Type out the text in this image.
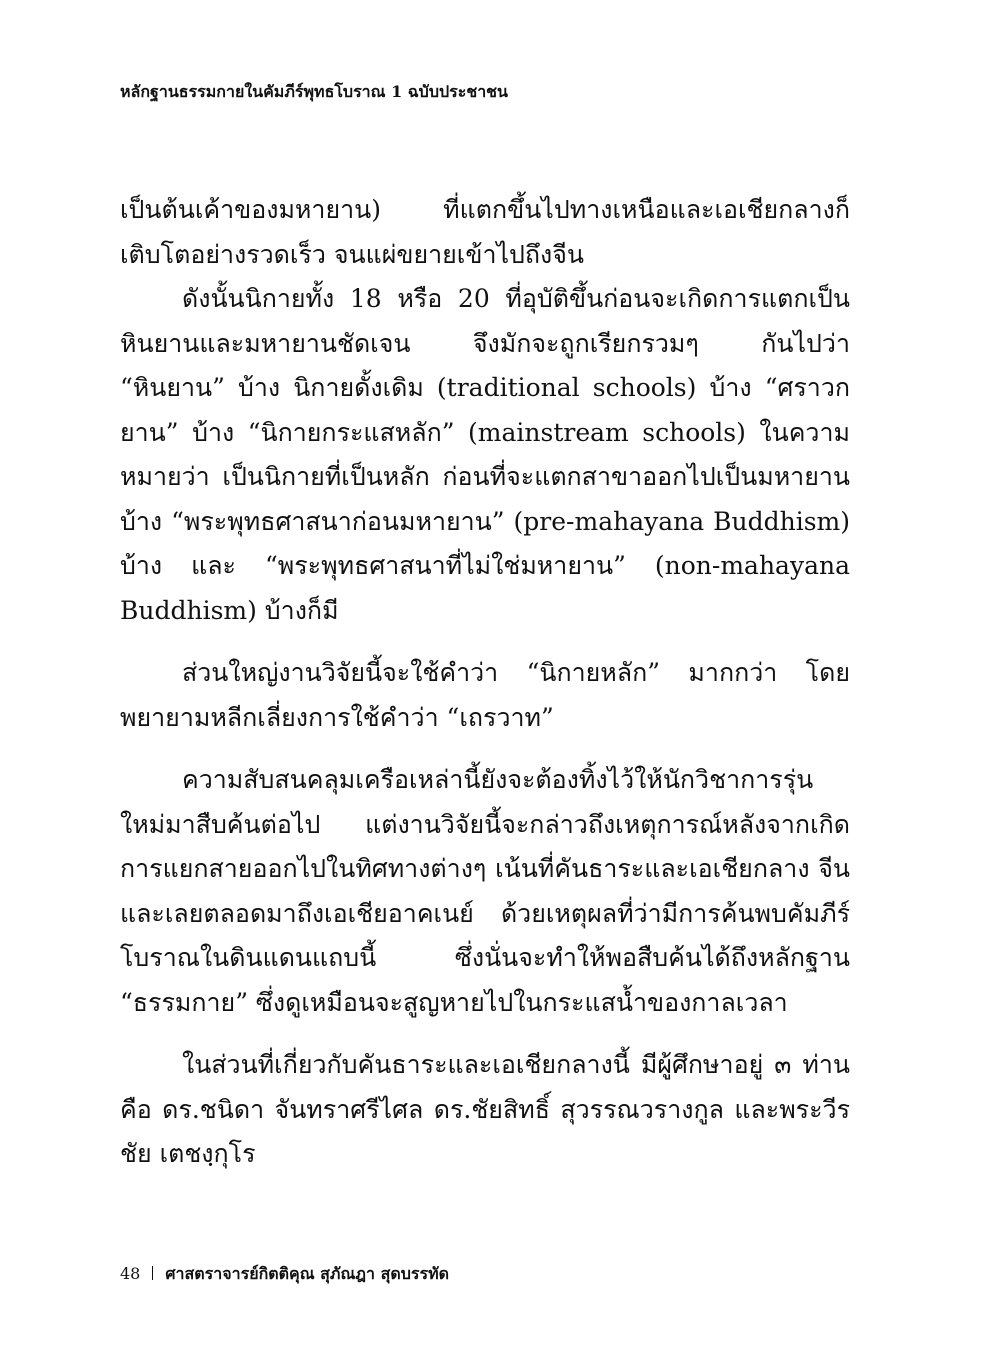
หลักฐานธรรมกายในคัมภีร์พุทธโบราณ 1 ฉบับประชาชน

เป็นต้นเค้าของมหายาน) ที่แตกขึ้นไปทางเหนือและเอเชียกลางก็เติบโตอย่างรวดเร็ว จนแผ่ขยายเข้าไปถึงจีน

ดังนั้นนิกายทั้ง 18 หรือ 20 ที่อุบัติขึ้นก่อนจะเกิดการแตกเป็นหินยานและมหายานชัดเจน จึงมักจะถูกเรียกรวมๆ กันไปว่า “หินยาน” บ้าง นิกายดั้งเดิม (traditional schools) บ้าง “ศราวกยาน” บ้าง “นิกายกระแสหลัก” (mainstream schools) ในความหมายว่า เป็นนิกายที่เป็นหลัก ก่อนที่จะแตกสาขาออกไปเป็นมหายานบ้าง “พระพุทธศาสนาก่อนมหายาน” (pre-mahayana Buddhism) บ้าง และ “พระพุทธศาสนาที่ไม่ใช่มหายาน” (non-mahayana Buddhism) บ้างก็มี

ส่วนใหญ่งานวิจัยนี้จะใช้คำว่า “นิกายหลัก” มากกว่า โดยพยายามหลีกเลี่ยงการใช้คำว่า “เถรวาท”

ความสับสนคลุมเครือเหล่านี้ยังจะต้องทิ้งไว้ให้นักวิชาการรุ่นใหม่มาสืบค้นต่อไป แต่งานวิจัยนี้จะกล่าวถึงเหตุการณ์หลังจากเกิดการแยกสายออกไปในทิศทางต่างๆ เน้นที่คันธาระและเอเชียกลาง จีน และเลยตลอดมาถึงเอเชียอาคเนย์ ด้วยเหตุผลที่ว่ามีการค้นพบคัมภีร์โบราณในดินแดนแถบนี้ ซึ่งนั่นจะทำให้พอสืบค้นได้ถึงหลักฐาน “ธรรมกาย” ซึ่งดูเหมือนจะสูญหายไปในกระแสน้ำของกาลเวลา

ในส่วนที่เกี่ยวกับคันธาระและเอเชียกลางนี้ มีผู้ศึกษาอยู่ ๓ ท่าน คือ ดร.ชนิดา จันทราศรีไศล ดร.ชัยสิทธิ์ สุวรรณวรางกูล และพระวีรชัย เตชงฺกุโร

48 ศาสตราจารย์กิตติคุณ สุภัณฎา สุดบรรทัด
